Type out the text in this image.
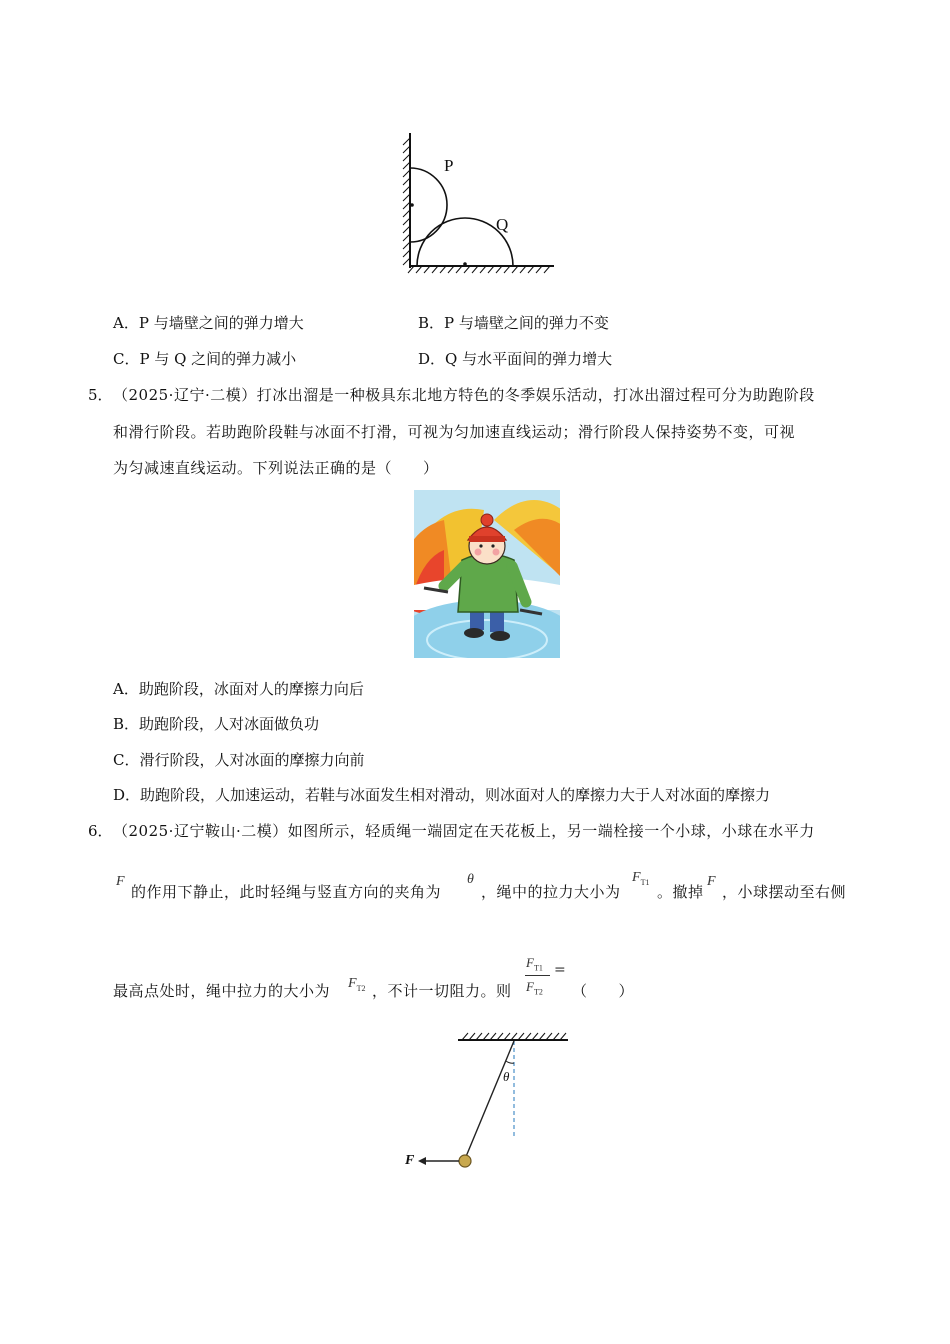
P
Q
A．P 与墙壁之间的弹力增大	B．P 与墙壁之间的弹力不变
C．P 与 Q 之间的弹力减小	D．Q 与水平面间的弹力增大
5． （2025·辽宁·二模）打冰出溜是一种极具东北地方特色的冬季娱乐活动，打冰出溜过程可分为助跑阶段
和滑行阶段。若助跑阶段鞋与冰面不打滑，可视为匀加速直线运动；滑行阶段人保持姿势不变，可视
为匀减速直线运动。下列说法正确的是（　　）
A．助跑阶段，冰面对人的摩擦力向后
B．助跑阶段，人对冰面做负功
C．滑行阶段，人对冰面的摩擦力向前
D．助跑阶段，人加速运动，若鞋与冰面发生相对滑动，则冰面对人的摩擦力大于人对冰面的摩擦力
6． （2025·辽宁鞍山·二模）如图所示，轻质绳一端固定在天花板上，另一端栓接一个小球，小球在水平力
F
的作用下静止，此时轻绳与竖直方向的夹角为
θ
，绳中的拉力大小为
$F_{T1}$
。撤掉
F
，小球摆动至右侧
最高点处时，绳中拉力的大小为 $F_{T2}$ ，不计一切阻力。则
$F_{T1}$
$F_{T2}$
=
（　　）
θ
F
